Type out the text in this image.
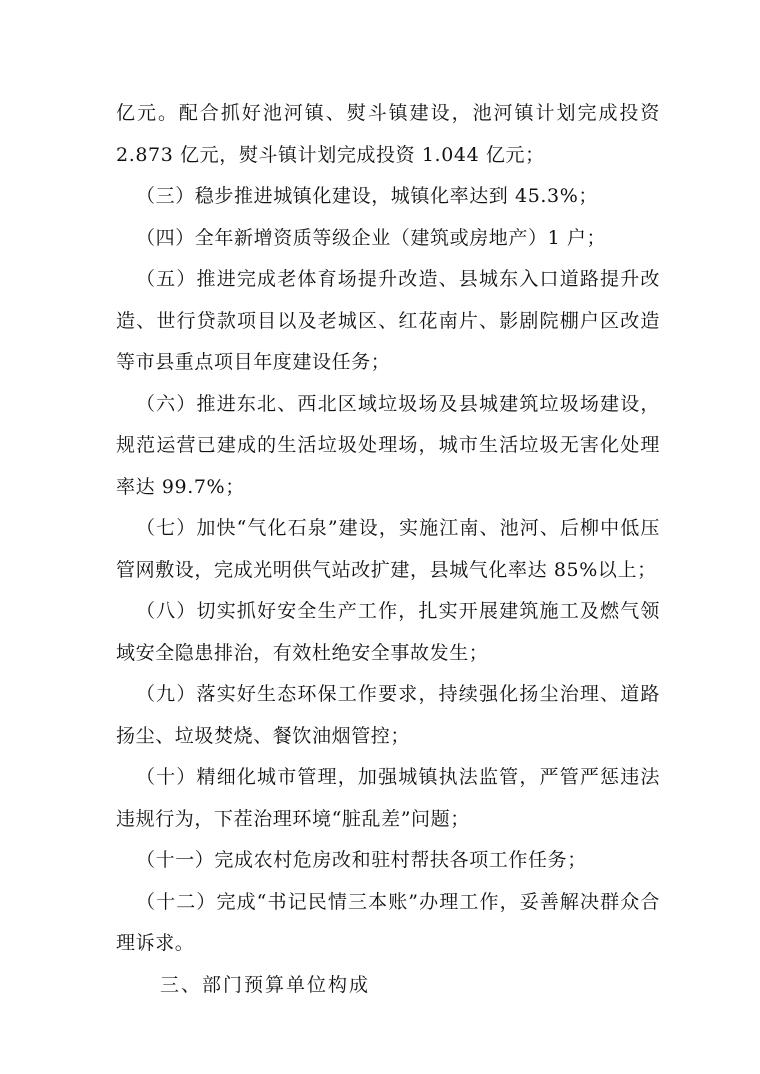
亿元。配合抓好池河镇、熨斗镇建设，池河镇计划完成投资 2.873 亿元，熨斗镇计划完成投资 1.044 亿元；

（三）稳步推进城镇化建设，城镇化率达到 45.3%；

（四）全年新增资质等级企业（建筑或房地产）1 户；

（五）推进完成老体育场提升改造、县城东入口道路提升改造、世行贷款项目以及老城区、红花南片、影剧院棚户区改造等市县重点项目年度建设任务；

（六）推进东北、西北区域垃圾场及县城建筑垃圾场建设，规范运营已建成的生活垃圾处理场，城市生活垃圾无害化处理率达 99.7%；

（七）加快“气化石泉”建设，实施江南、池河、后柳中低压管网敷设，完成光明供气站改扩建，县城气化率达 85%以上；

（八）切实抓好安全生产工作，扎实开展建筑施工及燃气领域安全隐患排治，有效杜绝安全事故发生；

（九）落实好生态环保工作要求，持续强化扬尘治理、道路扬尘、垃圾焚烧、餐饮油烟管控；

（十）精细化城市管理，加强城镇执法监管，严管严惩违法违规行为，下茬治理环境“脏乱差”问题；

（十一）完成农村危房改和驻村帮扶各项工作任务；

（十二）完成“书记民情三本账”办理工作，妥善解决群众合理诉求。

三、部门预算单位构成
